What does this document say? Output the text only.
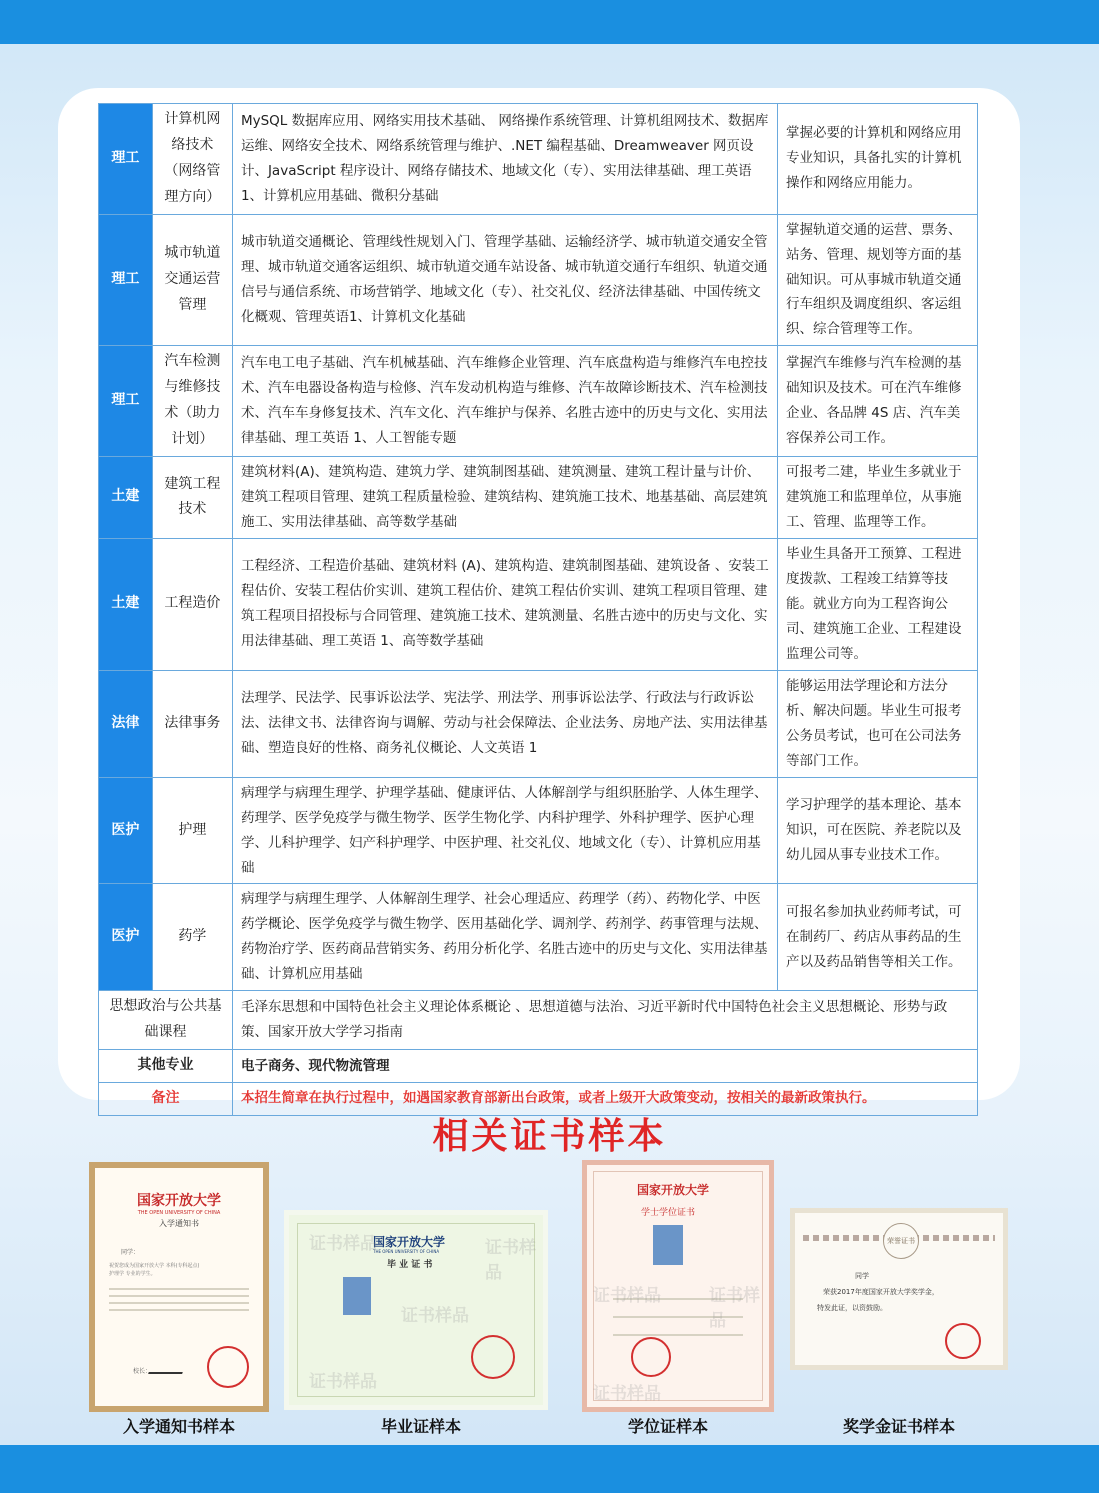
理工	计算机网络技术（网络管理方向）	MySQL 数据库应用、网络实用技术基础、 网络操作系统管理、计算机组网技术、数据库运维、网络安全技术、网络系统管理与维护、.NET 编程基础、Dreamweaver 网页设计、JavaScript 程序设计、网络存储技术、地域文化（专）、实用法律基础、理工英语 1、计算机应用基础、微积分基础	掌握必要的计算机和网络应用专业知识，具备扎实的计算机操作和网络应用能力。
理工	城市轨道交通运营管理	城市轨道交通概论、管理线性规划入门、管理学基础、运输经济学、城市轨道交通安全管理、城市轨道交通客运组织、城市轨道交通车站设备、城市轨道交通行车组织、轨道交通信号与通信系统、市场营销学、地域文化（专）、社交礼仪、经济法律基础、中国传统文化概观、管理英语1、计算机文化基础	掌握轨道交通的运营、票务、站务、管理、规划等方面的基础知识。可从事城市轨道交通行车组织及调度组织、客运组织、综合管理等工作。
理工	汽车检测与维修技术（助力计划）	汽车电工电子基础、汽车机械基础、汽车维修企业管理、汽车底盘构造与维修汽车电控技术、汽车电器设备构造与检修、汽车发动机构造与维修、汽车故障诊断技术、汽车检测技术、汽车车身修复技术、汽车文化、汽车维护与保养、名胜古迹中的历史与文化、实用法律基础、理工英语 1、人工智能专题	掌握汽车维修与汽车检测的基础知识及技术。可在汽车维修企业、各品牌 4S 店、汽车美容保养公司工作。
土建	建筑工程技术	建筑材料(A)、建筑构造、建筑力学、建筑制图基础、建筑测量、建筑工程计量与计价、建筑工程项目管理、建筑工程质量检验、建筑结构、建筑施工技术、地基基础、高层建筑施工、实用法律基础、高等数学基础	可报考二建，毕业生多就业于建筑施工和监理单位，从事施工、管理、监理等工作。
土建	工程造价	工程经济、工程造价基础、建筑材料 (A)、建筑构造、建筑制图基础、建筑设备 、安装工程估价、安装工程估价实训、建筑工程估价、建筑工程估价实训、建筑工程项目管理、建筑工程项目招投标与合同管理、建筑施工技术、建筑测量、名胜古迹中的历史与文化、实用法律基础、理工英语 1、高等数学基础	毕业生具备开工预算、工程进度拨款、工程竣工结算等技能。就业方向为工程咨询公司、建筑施工企业、工程建设监理公司等。
法律	法律事务	法理学、民法学、民事诉讼法学、宪法学、刑法学、刑事诉讼法学、行政法与行政诉讼法、法律文书、法律咨询与调解、劳动与社会保障法、企业法务、房地产法、实用法律基础、塑造良好的性格、商务礼仪概论、人文英语 1	能够运用法学理论和方法分析、解决问题。毕业生可报考公务员考试，也可在公司法务等部门工作。
医护	护理	病理学与病理生理学、护理学基础、健康评估、人体解剖学与组织胚胎学、人体生理学、药理学、医学免疫学与微生物学、医学生物化学、内科护理学、外科护理学、医护心理学、儿科护理学、妇产科护理学、中医护理、社交礼仪、地域文化（专）、计算机应用基础	学习护理学的基本理论、基本知识，可在医院、养老院以及幼儿园从事专业技术工作。
医护	药学	病理学与病理生理学、人体解剖生理学、社会心理适应、药理学（药）、药物化学、中医药学概论、医学免疫学与微生物学、医用基础化学、调剂学、药剂学、药事管理与法规、药物治疗学、医药商品营销实务、药用分析化学、名胜古迹中的历史与文化、实用法律基础、计算机应用基础	可报名参加执业药师考试，可在制药厂、药店从事药品的生产以及药品销售等相关工作。
思想政治与公共基础课程		毛泽东思想和中国特色社会主义理论体系概论 、思想道德与法治、习近平新时代中国特色社会主义思想概论、形势与政策、国家开放大学学习指南	
其他专业		电子商务、现代物流管理	
备注		本招生简章在执行过程中，如遇国家教育部新出台政策，或者上级开大政策变动，按相关的最新政策执行。	
相关证书样本
国家开放大学
THE OPEN UNIVERSITY OF CHINA
入学通知书
同学：
祝贺您成为国家开放大学 本科(专科起点)
护理学 专业的学生。
校长：
入学通知书样本
国家开放大学
THE OPEN UNIVERSITY OF CHINA
毕 业 证 书
证书样品
证书样品
证书样品
证书样品
毕业证样本
国家开放大学
学士学位证书
证书样品
证书样品
证书样品
学位证样本
荣誉证书
同学
荣获2017年度国家开放大学奖学金，
特发此证，以资鼓励。
奖学金证书样本
